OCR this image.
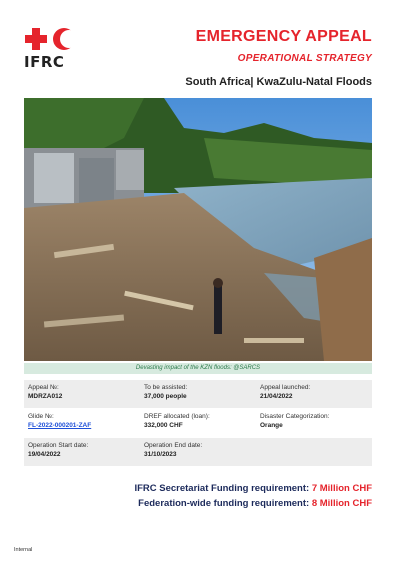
IFRC
EMERGENCY APPEAL
OPERATIONAL STRATEGY
South Africa| KwaZulu-Natal Floods
Devasting impact of the KZN floods: @SARCS
Appeal №:
MDRZA012
To be assisted:
37,000 people
Appeal launched:
21/04/2022
Glide №:
FL-2022-000201-ZAF
DREF allocated (loan):
332,000 CHF
Disaster Categorization:
Orange
Operation Start date:
19/04/2022
Operation End date:
31/10/2023
IFRC Secretariat Funding requirement: 7 Million CHF
Federation-wide funding requirement: 8 Million CHF
Internal
